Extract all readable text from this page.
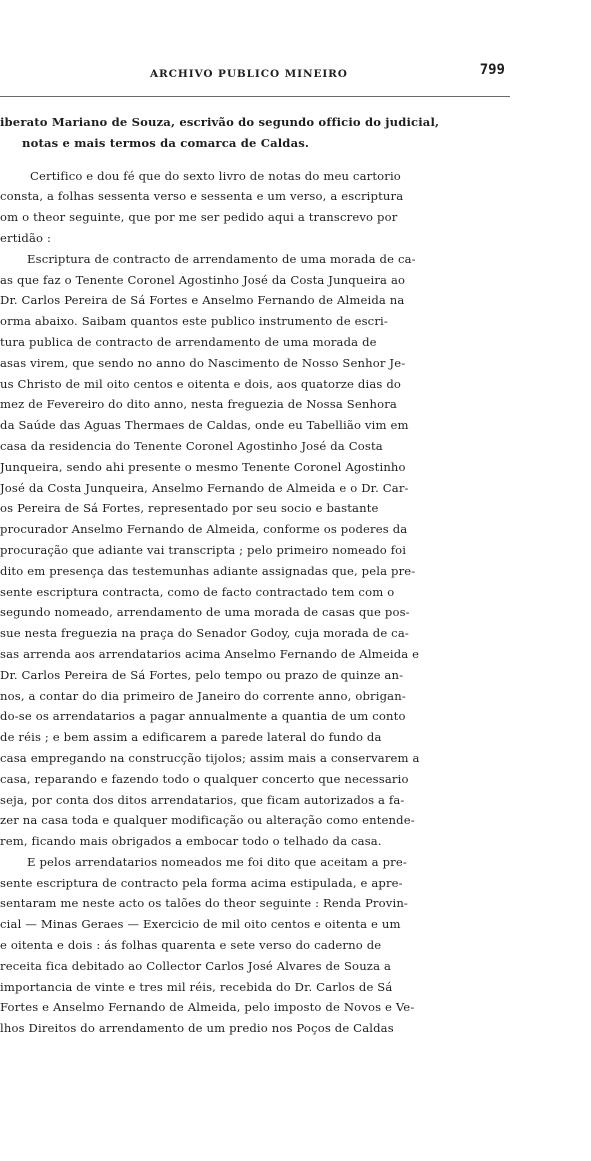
ARCHIVO PUBLICO MINEIRO	799
iberato Mariano de Souza, escrivão do segundo officio do judicial,
notas e mais termos da comarca de Caldas.
Certifico e dou fé que do sexto livro de notas do meu cartorio
consta, a folhas sessenta verso e sessenta e um verso, a escriptura
om o theor seguinte, que por me ser pedido aqui a transcrevo por
ertidão :
Escriptura de contracto de arrendamento de uma morada de ca-
as que faz o Tenente Coronel Agostinho José da Costa Junqueira ao
Dr. Carlos Pereira de Sá Fortes e Anselmo Fernando de Almeida na
orma abaixo. Saibam quantos este publico instrumento de escri-
tura publica de contracto de arrendamento de uma morada de
asas virem, que sendo no anno do Nascimento de Nosso Senhor Je-
us Christo de mil oito centos e oitenta e dois, aos quatorze dias do
mez de Fevereiro do dito anno, nesta freguezia de Nossa Senhora
da Saúde das Aguas Thermaes de Caldas, onde eu Tabellião vim em
casa da residencia do Tenente Coronel Agostinho José da Costa
Junqueira, sendo ahi presente o mesmo Tenente Coronel Agostinho
José da Costa Junqueira, Anselmo Fernando de Almeida e o Dr. Car-
os Pereira de Sá Fortes, representado por seu socio e bastante
procurador Anselmo Fernando de Almeida, conforme os poderes da
procuração que adiante vai transcripta ; pelo primeiro nomeado foi
dito em presença das testemunhas adiante assignadas que, pela pre-
sente escriptura contracta, como de facto contractado tem com o
segundo nomeado, arrendamento de uma morada de casas que pos-
sue nesta freguezia na praça do Senador Godoy, cuja morada de ca-
sas arrenda aos arrendatarios acima Anselmo Fernando de Almeida e
Dr. Carlos Pereira de Sá Fortes, pelo tempo ou prazo de quinze an-
nos, a contar do dia primeiro de Janeiro do corrente anno, obrigan-
do-se os arrendatarios a pagar annualmente a quantia de um conto
de réis ; e bem assim a edificarem a parede lateral do fundo da
casa empregando na construcção tijolos; assim mais a conservarem a
casa, reparando e fazendo todo o qualquer concerto que necessario
seja, por conta dos ditos arrendatarios, que ficam autorizados a fa-
zer na casa toda e qualquer modificação ou alteração como entende-
rem, ficando mais obrigados a embocar todo o telhado da casa.
E pelos arrendatarios nomeados me foi dito que aceitam a pre-
sente escriptura de contracto pela forma acima estipulada, e apre-
sentaram me neste acto os talões do theor seguinte : Renda Provin-
cial — Minas Geraes — Exercicio de mil oito centos e oitenta e um
e oitenta e dois : ás folhas quarenta e sete verso do caderno de
receita fica debitado ao Collector Carlos José Alvares de Souza a
importancia de vinte e tres mil réis, recebida do Dr. Carlos de Sá
Fortes e Anselmo Fernando de Almeida, pelo imposto de Novos e Ve-
lhos Direitos do arrendamento de um predio nos Poços de Caldas
